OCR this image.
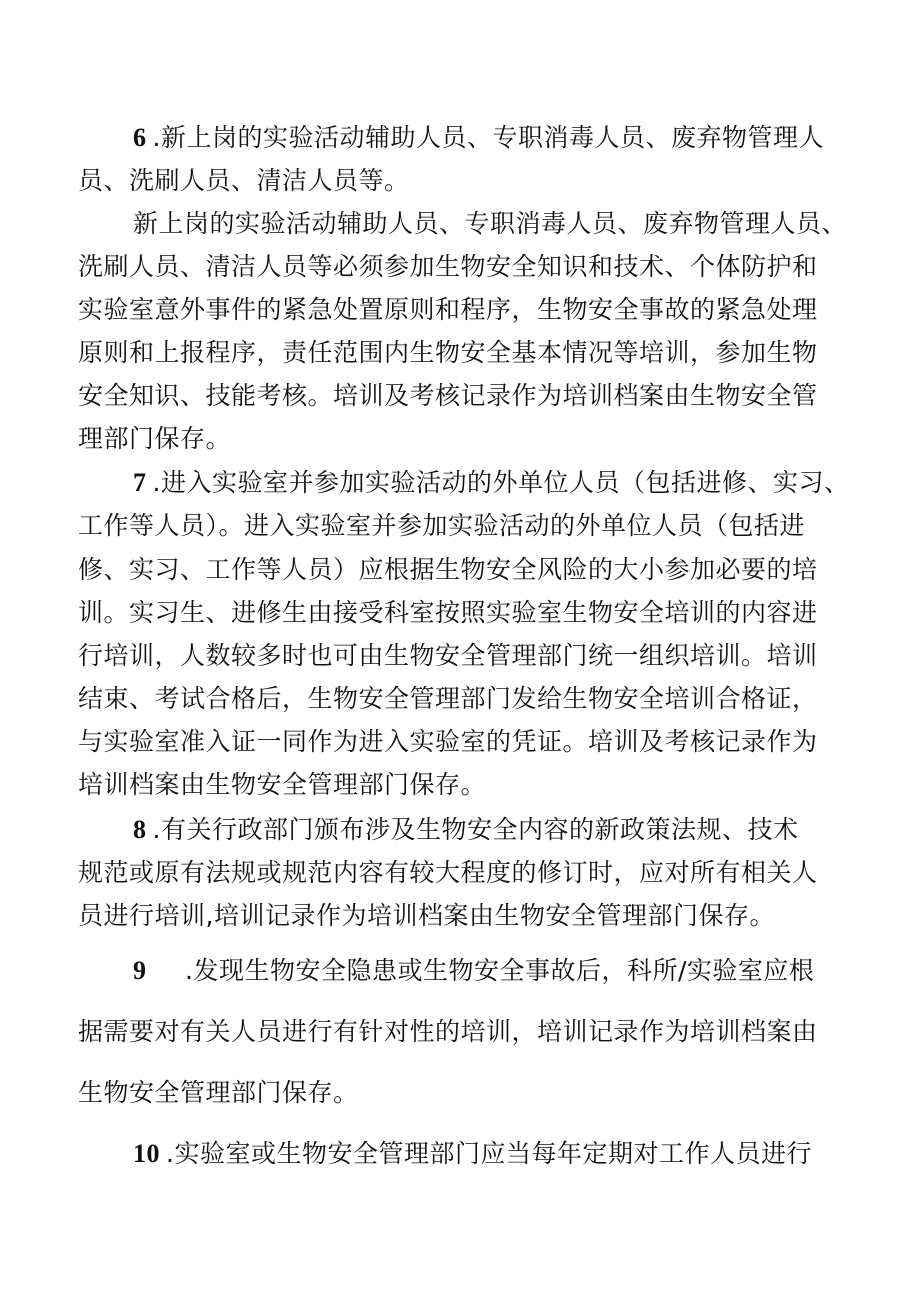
6 .新上岗的实验活动辅助人员、专职消毒人员、废弃物管理人
员、洗刷人员、清洁人员等。
新上岗的实验活动辅助人员、专职消毒人员、废弃物管理人员、
洗刷人员、清洁人员等必须参加生物安全知识和技术、个体防护和
实验室意外事件的紧急处置原则和程序，生物安全事故的紧急处理
原则和上报程序，责任范围内生物安全基本情况等培训，参加生物
安全知识、技能考核。培训及考核记录作为培训档案由生物安全管
理部门保存。
7 .进入实验室并参加实验活动的外单位人员（包括进修、实习、
工作等人员）。进入实验室并参加实验活动的外单位人员（包括进
修、实习、工作等人员）应根据生物安全风险的大小参加必要的培
训。实习生、进修生由接受科室按照实验室生物安全培训的内容进
行培训，人数较多时也可由生物安全管理部门统一组织培训。培训
结束、考试合格后，生物安全管理部门发给生物安全培训合格证，
与实验室准入证一同作为进入实验室的凭证。培训及考核记录作为
培训档案由生物安全管理部门保存。
8 .有关行政部门颁布涉及生物安全内容的新政策法规、技术
规范或原有法规或规范内容有较大程度的修订时，应对所有相关人
员进行培训,培训记录作为培训档案由生物安全管理部门保存。
9 .发现生物安全隐患或生物安全事故后，科所/实验室应根
据需要对有关人员进行有针对性的培训，培训记录作为培训档案由
生物安全管理部门保存。
10 .实验室或生物安全管理部门应当每年定期对工作人员进行
